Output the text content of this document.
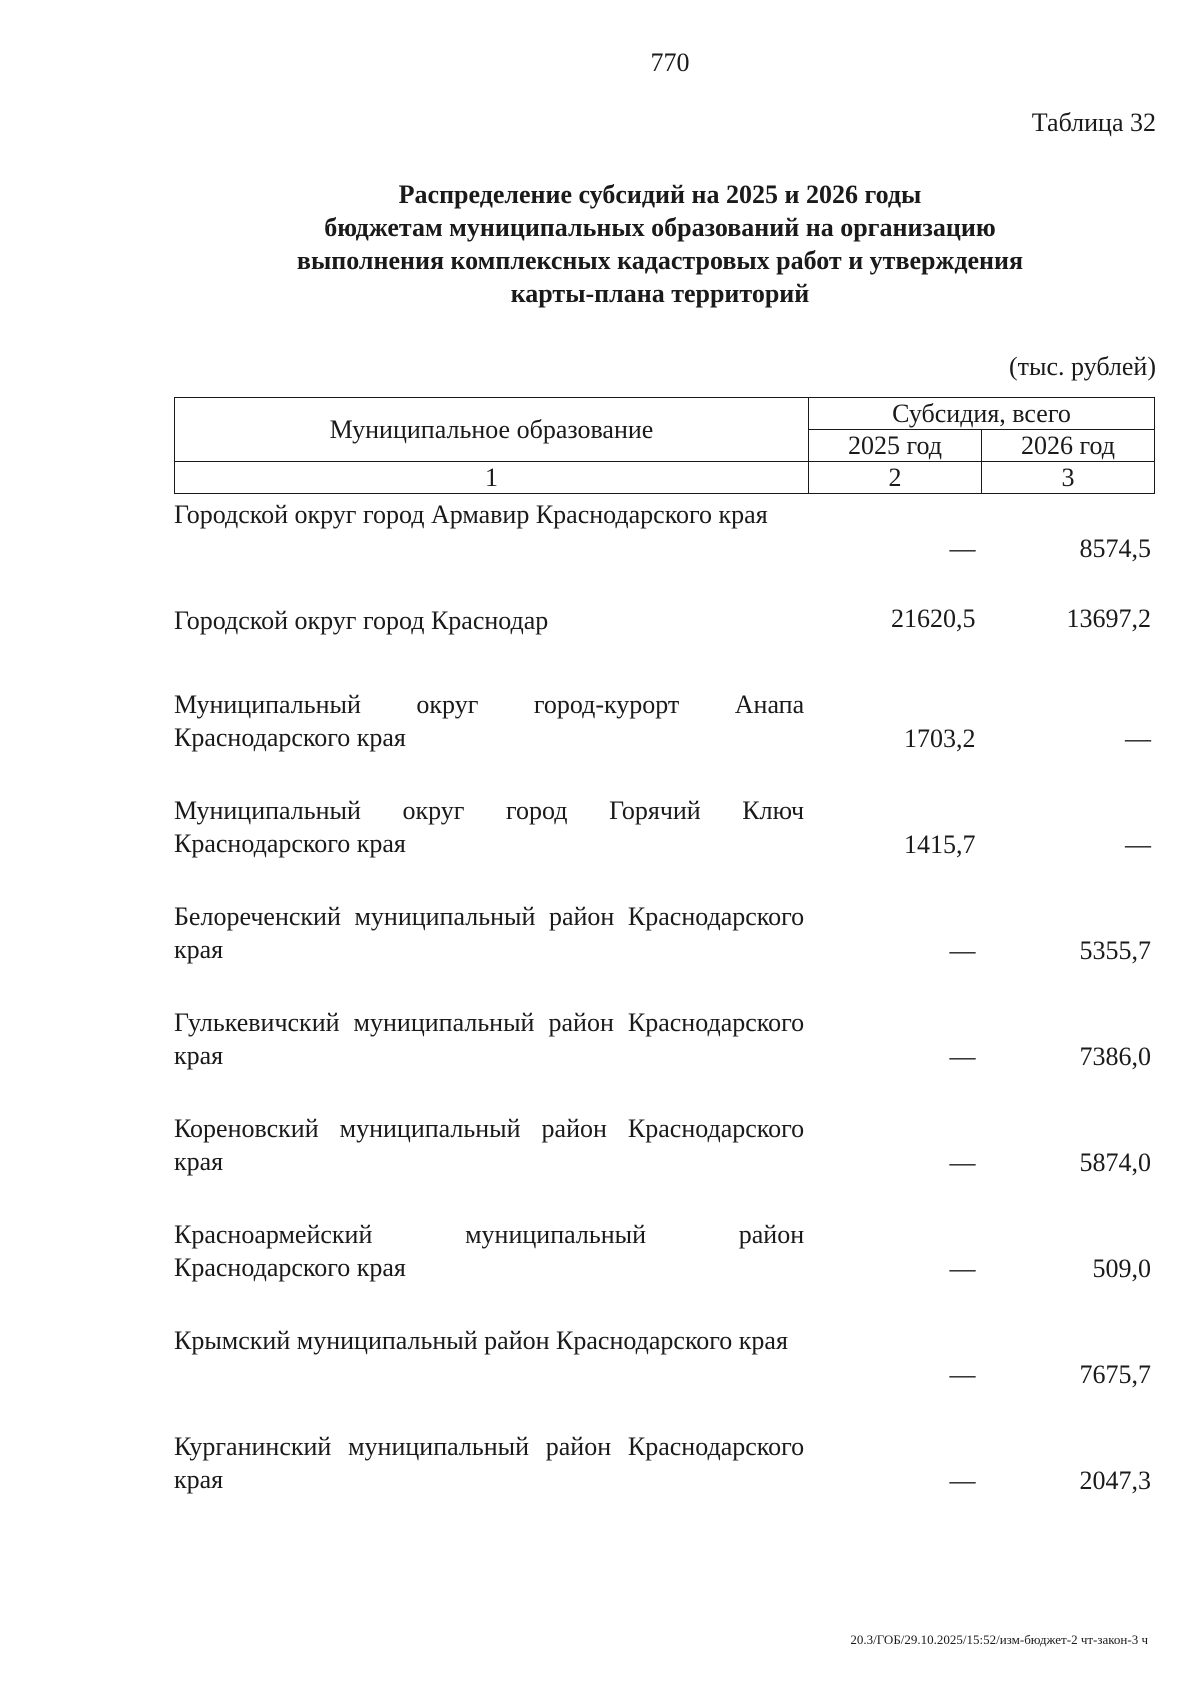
770
Таблица 32
Распределение субсидий на 2025 и 2026 годы
бюджетам муниципальных образований на организацию
выполнения комплексных кадастровых работ и утверждения
карты-плана территорий
(тыс. рублей)
Муниципальное образование	Субсидия, всего	
	2025 год	2026 год
1	2	3
Городской округ город Армавир Краснодарского края	—	8574,5

Городской округ город Краснодар	21620,5	13697,2

Муниципальный округ город-курорт Анапа Краснодарского края	1703,2	—

Муниципальный округ город Горячий Ключ Краснодарского края	1415,7	—

Белореченский муниципальный район Краснодарского края	—	5355,7

Гулькевичский муниципальный район Краснодарского края	—	7386,0

Кореновский муниципальный район Краснодарского края	—	5874,0

Красноармейский муниципальный район Краснодарского края	—	509,0

Крымский муниципальный район Краснодарского края	—	7675,7

Курганинский муниципальный район Краснодарского края	—	2047,3
20.3/ГОБ/29.10.2025/15:52/изм-бюджет-2 чт-закон-3 ч
